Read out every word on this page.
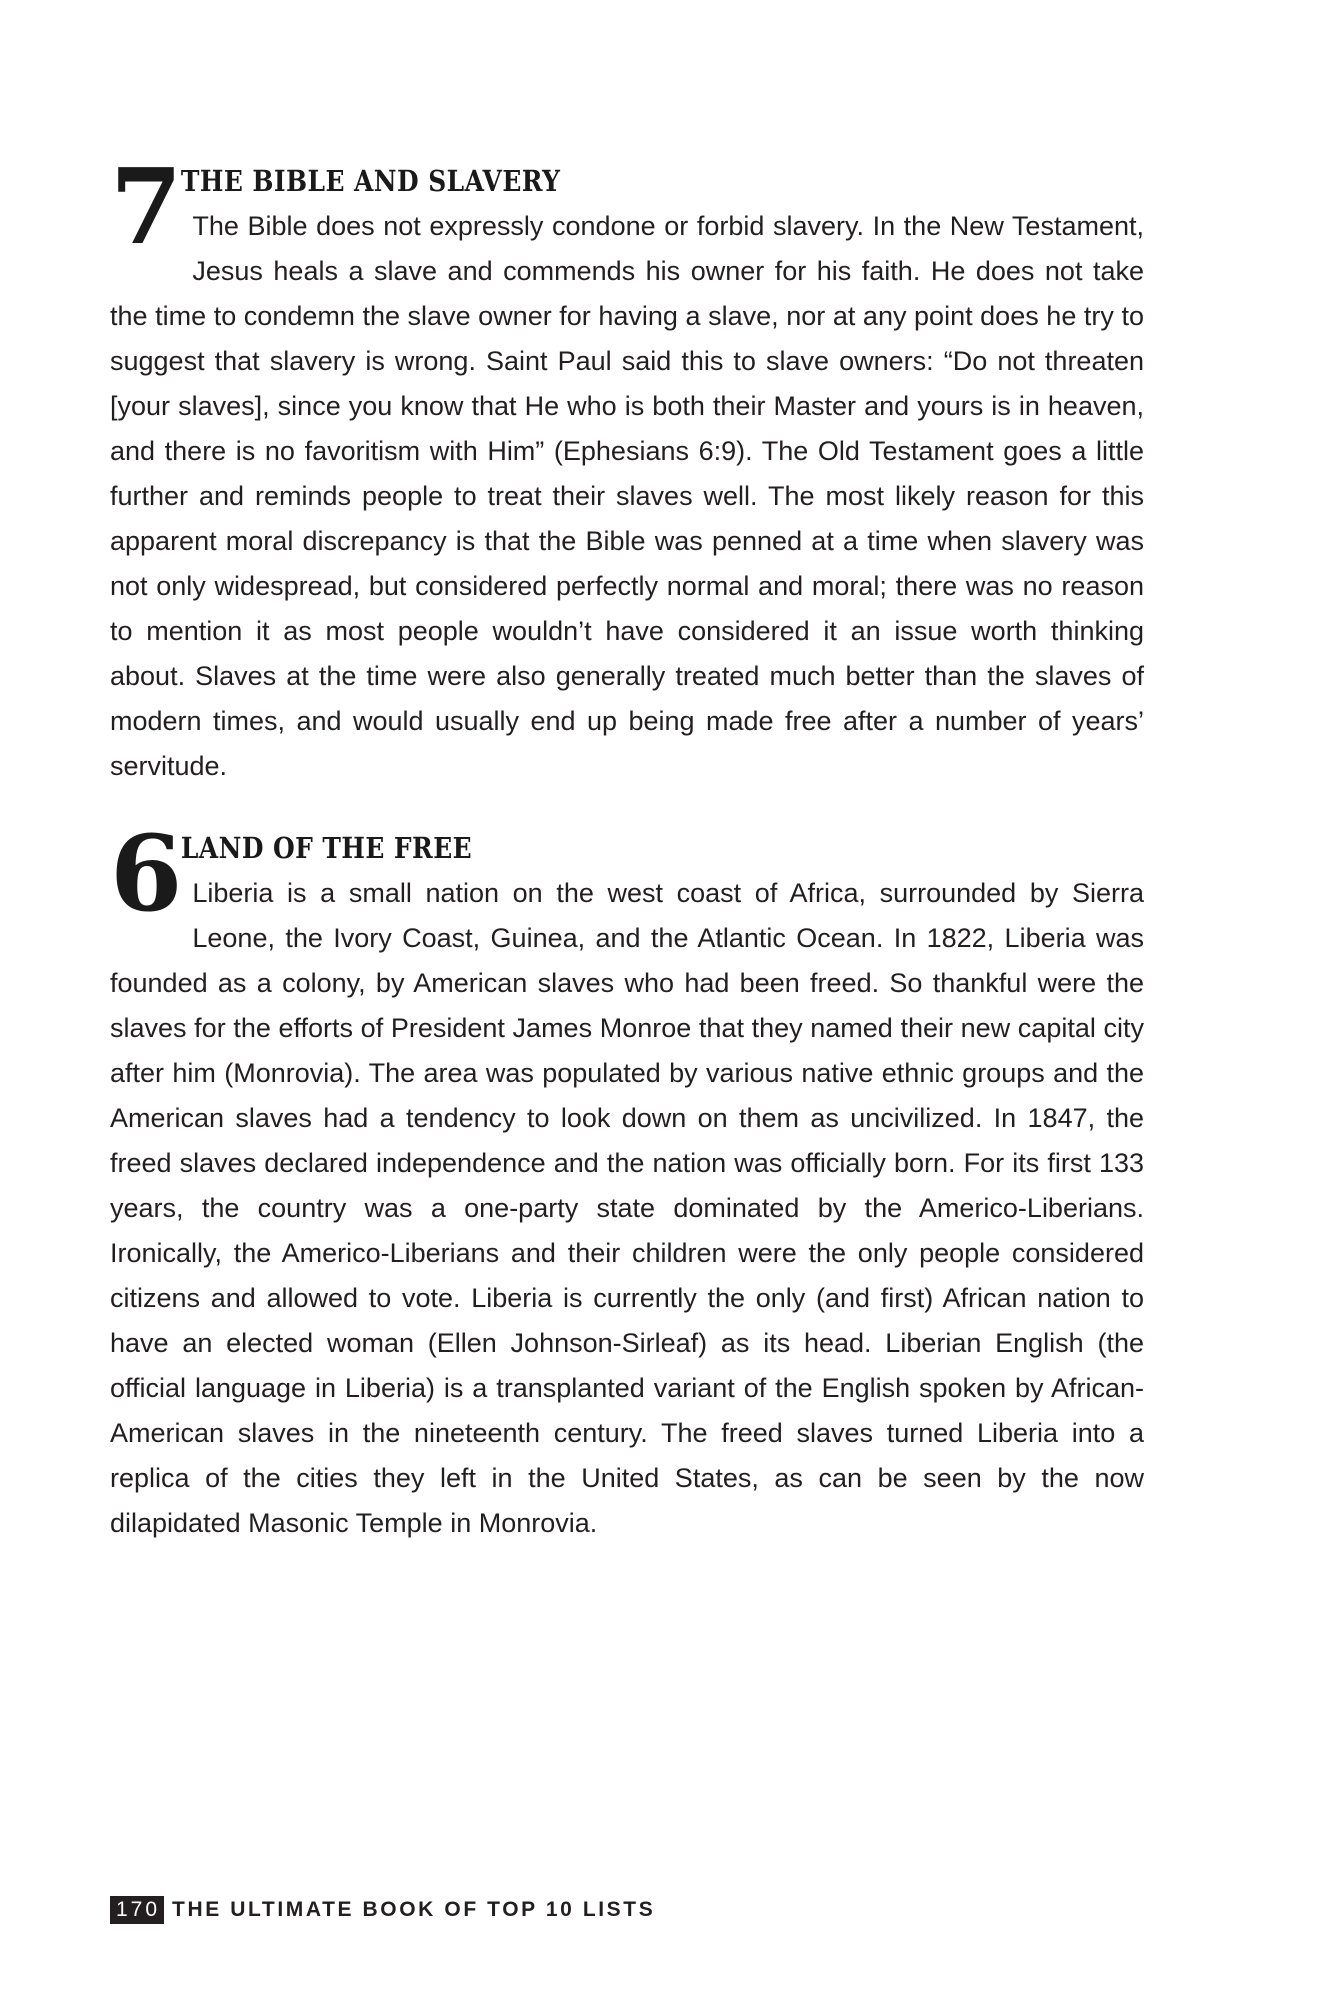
7 THE BIBLE AND SLAVERY
The Bible does not expressly condone or forbid slavery. In the New Testament, Jesus heals a slave and commends his owner for his faith. He does not take the time to condemn the slave owner for having a slave, nor at any point does he try to suggest that slavery is wrong. Saint Paul said this to slave owners: “Do not threaten [your slaves], since you know that He who is both their Master and yours is in heaven, and there is no favoritism with Him” (Ephesians 6:9). The Old Testament goes a little further and reminds people to treat their slaves well. The most likely reason for this apparent moral discrepancy is that the Bible was penned at a time when slavery was not only widespread, but considered perfectly normal and moral; there was no reason to mention it as most people wouldn’t have considered it an issue worth thinking about. Slaves at the time were also generally treated much better than the slaves of modern times, and would usually end up being made free after a number of years’ servitude.
6 LAND OF THE FREE
Liberia is a small nation on the west coast of Africa, surrounded by Sierra Leone, the Ivory Coast, Guinea, and the Atlantic Ocean. In 1822, Liberia was founded as a colony, by American slaves who had been freed. So thankful were the slaves for the efforts of President James Monroe that they named their new capital city after him (Monrovia). The area was populated by various native ethnic groups and the American slaves had a tendency to look down on them as uncivilized. In 1847, the freed slaves declared independence and the nation was officially born. For its first 133 years, the country was a one-party state dominated by the Americo-Liberians. Ironically, the Americo-Liberians and their children were the only people considered citizens and allowed to vote. Liberia is currently the only (and first) African nation to have an elected woman (Ellen Johnson-Sirleaf) as its head. Liberian English (the official language in Liberia) is a transplanted variant of the English spoken by African-American slaves in the nineteenth century. The freed slaves turned Liberia into a replica of the cities they left in the United States, as can be seen by the now dilapidated Masonic Temple in Monrovia.
170 THE ULTIMATE BOOK OF TOP 10 LISTS
